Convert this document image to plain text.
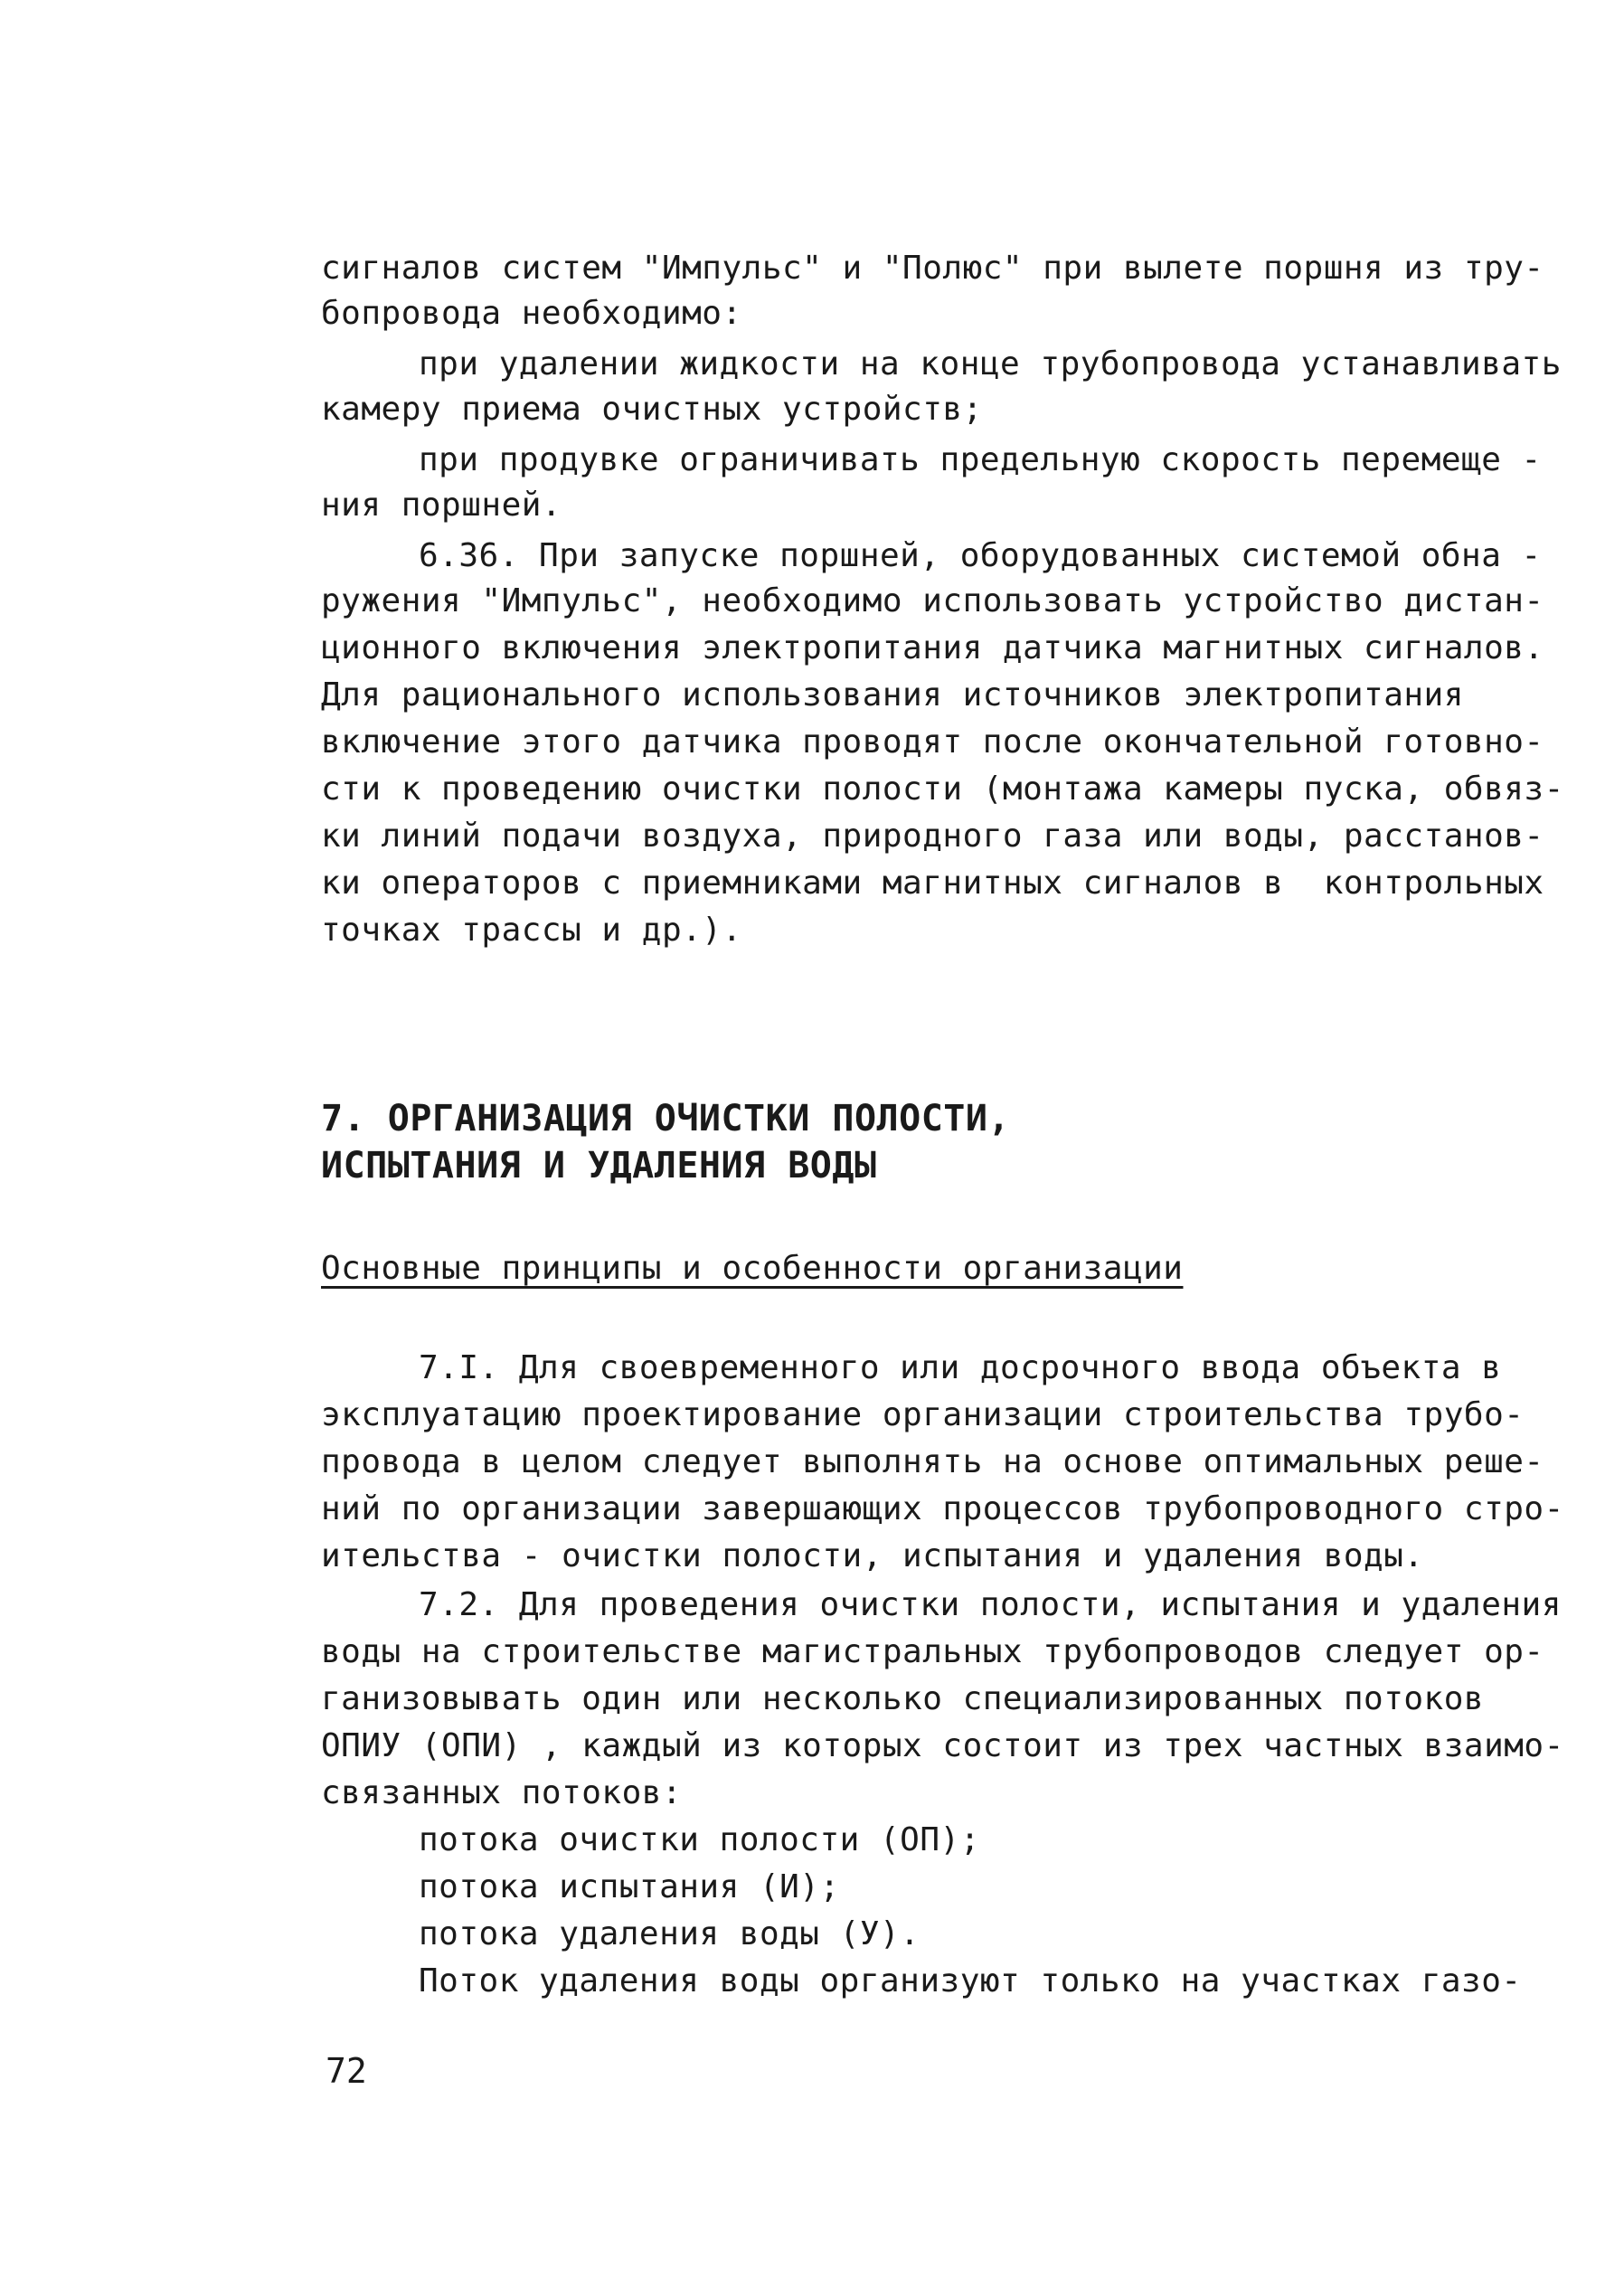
сигналов систем "Импульс" и "Полюс" при вылете поршня из тру-
бопровода необходимо:
при удалении жидкости на конце трубопровода устанавливать
камеру приема очистных устройств;
при продувке ограничивать предельную скорость перемеще -
ния поршней.
6.36. При запуске поршней, оборудованных системой обна -
ружения "Импульс", необходимо использовать устройство дистан-
ционного включения электропитания датчика магнитных сигналов.
Для рационального использования источников электропитания
включение этого датчика проводят после окончательной готовно-
сти к проведению очистки полости (монтажа камеры пуска, обвяз-
ки линий подачи воздуха, природного газа или воды, расстанов-
ки операторов с приемниками магнитных сигналов в  контрольных
точках трассы и др.).
7. ОРГАНИЗАЦИЯ ОЧИСТКИ ПОЛОСТИ,
ИСПЫТАНИЯ И УДАЛЕНИЯ ВОДЫ
Основные принципы и особенности организации
7.I. Для своевременного или досрочного ввода объекта в
эксплуатацию проектирование организации строительства трубо-
провода в целом следует выполнять на основе оптимальных реше-
ний по организации завершающих процессов трубопроводного стро-
ительства - очистки полости, испытания и удаления воды.
7.2. Для проведения очистки полости, испытания и удаления
воды на строительстве магистральных трубопроводов следует ор-
ганизовывать один или несколько специализированных потоков
ОПИУ (ОПИ) , каждый из которых состоит из трех частных взаимо-
связанных потоков:
потока очистки полости (ОП);
потока испытания (И);
потока удаления воды (У).
Поток удаления воды организуют только на участках газо-
72
